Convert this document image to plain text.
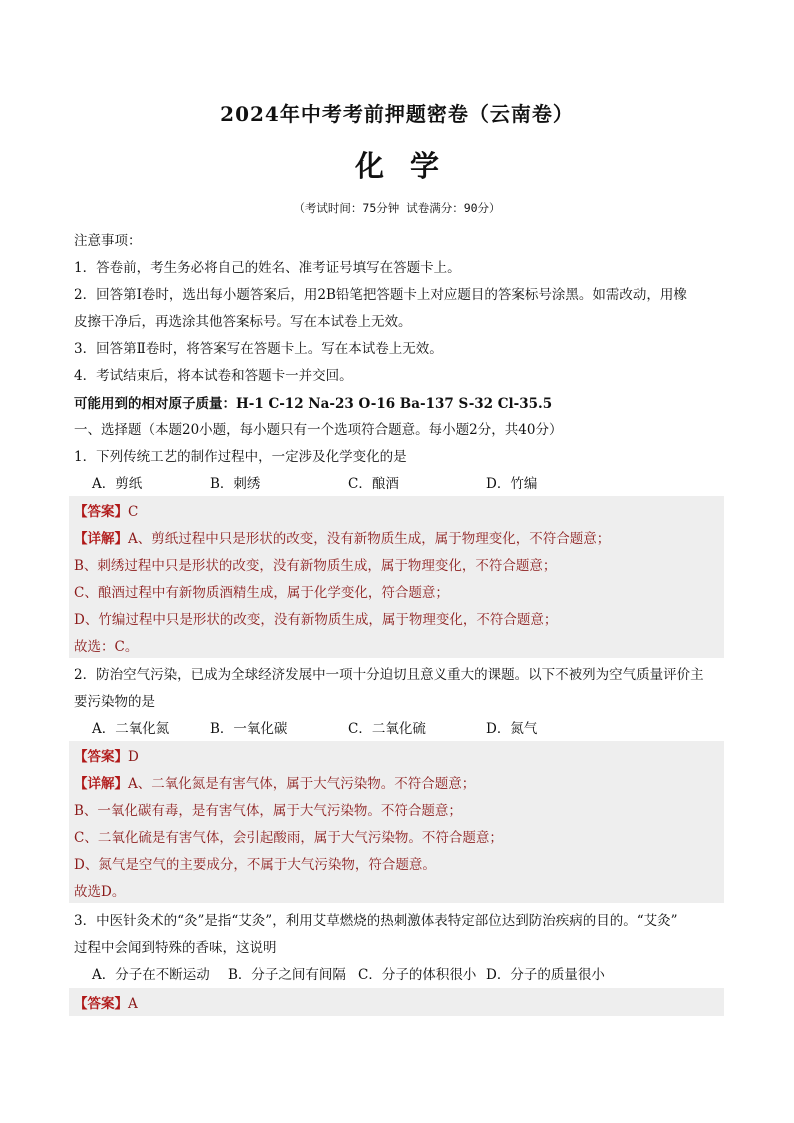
2024年中考考前押题密卷（云南卷）
化学
（考试时间：75分钟 试卷满分：90分）
注意事项：
1．答卷前，考生务必将自己的姓名、准考证号填写在答题卡上。
2．回答第Ⅰ卷时，选出每小题答案后，用2B铅笔把答题卡上对应题目的答案标号涂黑。如需改动，用橡
皮擦干净后，再选涂其他答案标号。写在本试卷上无效。
3．回答第Ⅱ卷时，将答案写在答题卡上。写在本试卷上无效。
4．考试结束后，将本试卷和答题卡一并交回。
可能用到的相对原子质量：H-1 C-12 Na-23 O-16 Ba-137 S-32 Cl-35.5
一、选择题（本题20小题，每小题只有一个选项符合题意。每小题2分，共40分）
1．下列传统工艺的制作过程中，一定涉及化学变化的是
A．剪纸	B．刺绣	C．酿酒	D．竹编
【答案】C
【详解】A、剪纸过程中只是形状的改变，没有新物质生成，属于物理变化，不符合题意；
B、刺绣过程中只是形状的改变，没有新物质生成，属于物理变化，不符合题意；
C、酿酒过程中有新物质酒精生成，属于化学变化，符合题意；
D、竹编过程中只是形状的改变，没有新物质生成，属于物理变化，不符合题意；
故选：C。
2．防治空气污染，已成为全球经济发展中一项十分迫切且意义重大的课题。以下不被列为空气质量评价主
要污染物的是
A．二氧化氮	B．一氧化碳	C．二氧化硫	D．氮气
【答案】D
【详解】A、二氧化氮是有害气体，属于大气污染物。不符合题意；
B、一氧化碳有毒，是有害气体，属于大气污染物。不符合题意；
C、二氧化硫是有害气体，会引起酸雨，属于大气污染物。不符合题意；
D、氮气是空气的主要成分，不属于大气污染物，符合题意。
故选D。
3．中医针灸术的“灸”是指“艾灸”，利用艾草燃烧的热刺激体表特定部位达到防治疾病的目的。“艾灸”
过程中会闻到特殊的香味，这说明
A．分子在不断运动 B．分子之间有间隔 C．分子的体积很小 D．分子的质量很小
【答案】A
